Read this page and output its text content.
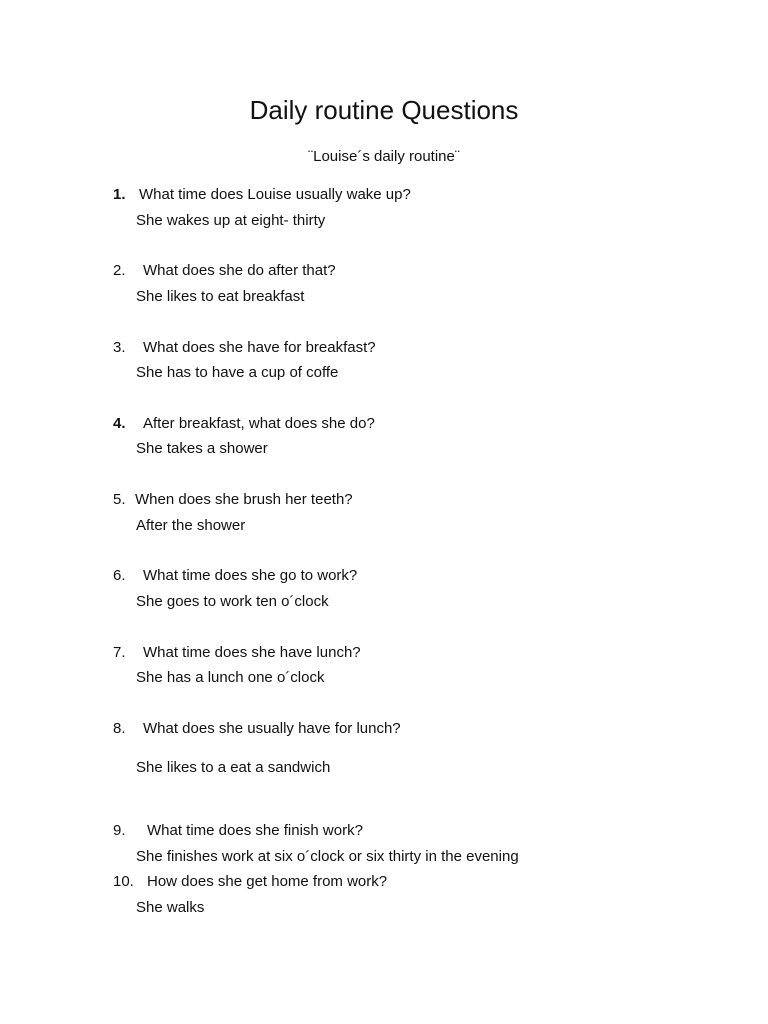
Daily routine Questions
¨Louise´s daily routine¨
1. What time does Louise usually wake up?
She wakes up at eight- thirty
2. What does she do after that?
She likes to eat breakfast
3. What does she have for breakfast?
She has to have a cup of coffe
4. After breakfast, what does she do?
She takes a shower
5. When does she brush her teeth?
After the shower
6. What time does she go to work?
She goes to work ten o´clock
7. What time does she have lunch?
She has a lunch one o´clock
8. What does she usually have for lunch?
She likes to a eat a sandwich
9. What time does she finish work?
She finishes work at six o´clock or six thirty in the evening
10. How does she get home from work?
She walks
